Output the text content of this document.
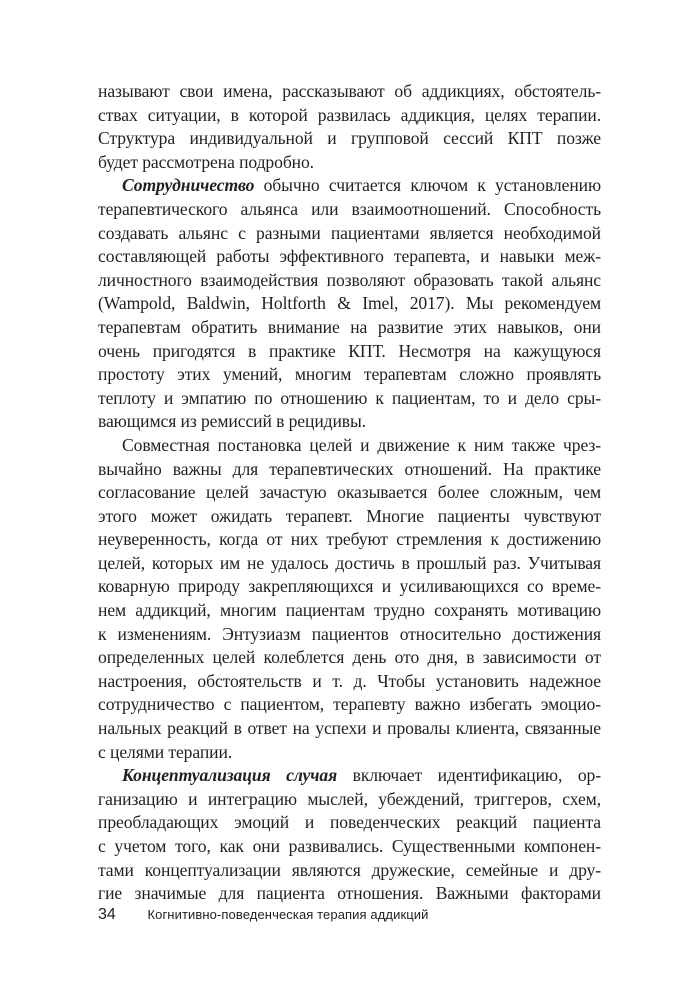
называют свои имена, рассказывают об аддикциях, обстоятель-
ствах ситуации, в которой развилась аддикция, целях терапии.
Структура индивидуальной и групповой сессий КПТ позже
будет рассмотрена подробно.
Сотрудничество обычно считается ключом к установлению
терапевтического альянса или взаимоотношений. Способность
создавать альянс с разными пациентами является необходимой
составляющей работы эффективного терапевта, и навыки меж-
личностного взаимодействия позволяют образовать такой альянс
(Wampold, Baldwin, Holtforth & Imel, 2017). Мы рекомендуем
терапевтам обратить внимание на развитие этих навыков, они
очень пригодятся в практике КПТ. Несмотря на кажущуюся
простоту этих умений, многим терапевтам сложно проявлять
теплоту и эмпатию по отношению к пациентам, то и дело сры-
вающимся из ремиссий в рецидивы.
Совместная постановка целей и движение к ним также чрез-
вычайно важны для терапевтических отношений. На практике
согласование целей зачастую оказывается более сложным, чем
этого может ожидать терапевт. Многие пациенты чувствуют
неуверенность, когда от них требуют стремления к достижению
целей, которых им не удалось достичь в прошлый раз. Учитывая
коварную природу закрепляющихся и усиливающихся со време-
нем аддикций, многим пациентам трудно сохранять мотивацию
к изменениям. Энтузиазм пациентов относительно достижения
определенных целей колеблется день ото дня, в зависимости от
настроения, обстоятельств и т. д. Чтобы установить надежное
сотрудничество с пациентом, терапевту важно избегать эмоцио-
нальных реакций в ответ на успехи и провалы клиента, связанные
с целями терапии.
Концептуализация случая включает идентификацию, ор-
ганизацию и интеграцию мыслей, убеждений, триггеров, схем,
преобладающих эмоций и поведенческих реакций пациента
с учетом того, как они развивались. Существенными компонен-
тами концептуализации являются дружеские, семейные и дру-
гие значимые для пациента отношения. Важными факторами
34 Когнитивно-поведенческая терапия аддикций
